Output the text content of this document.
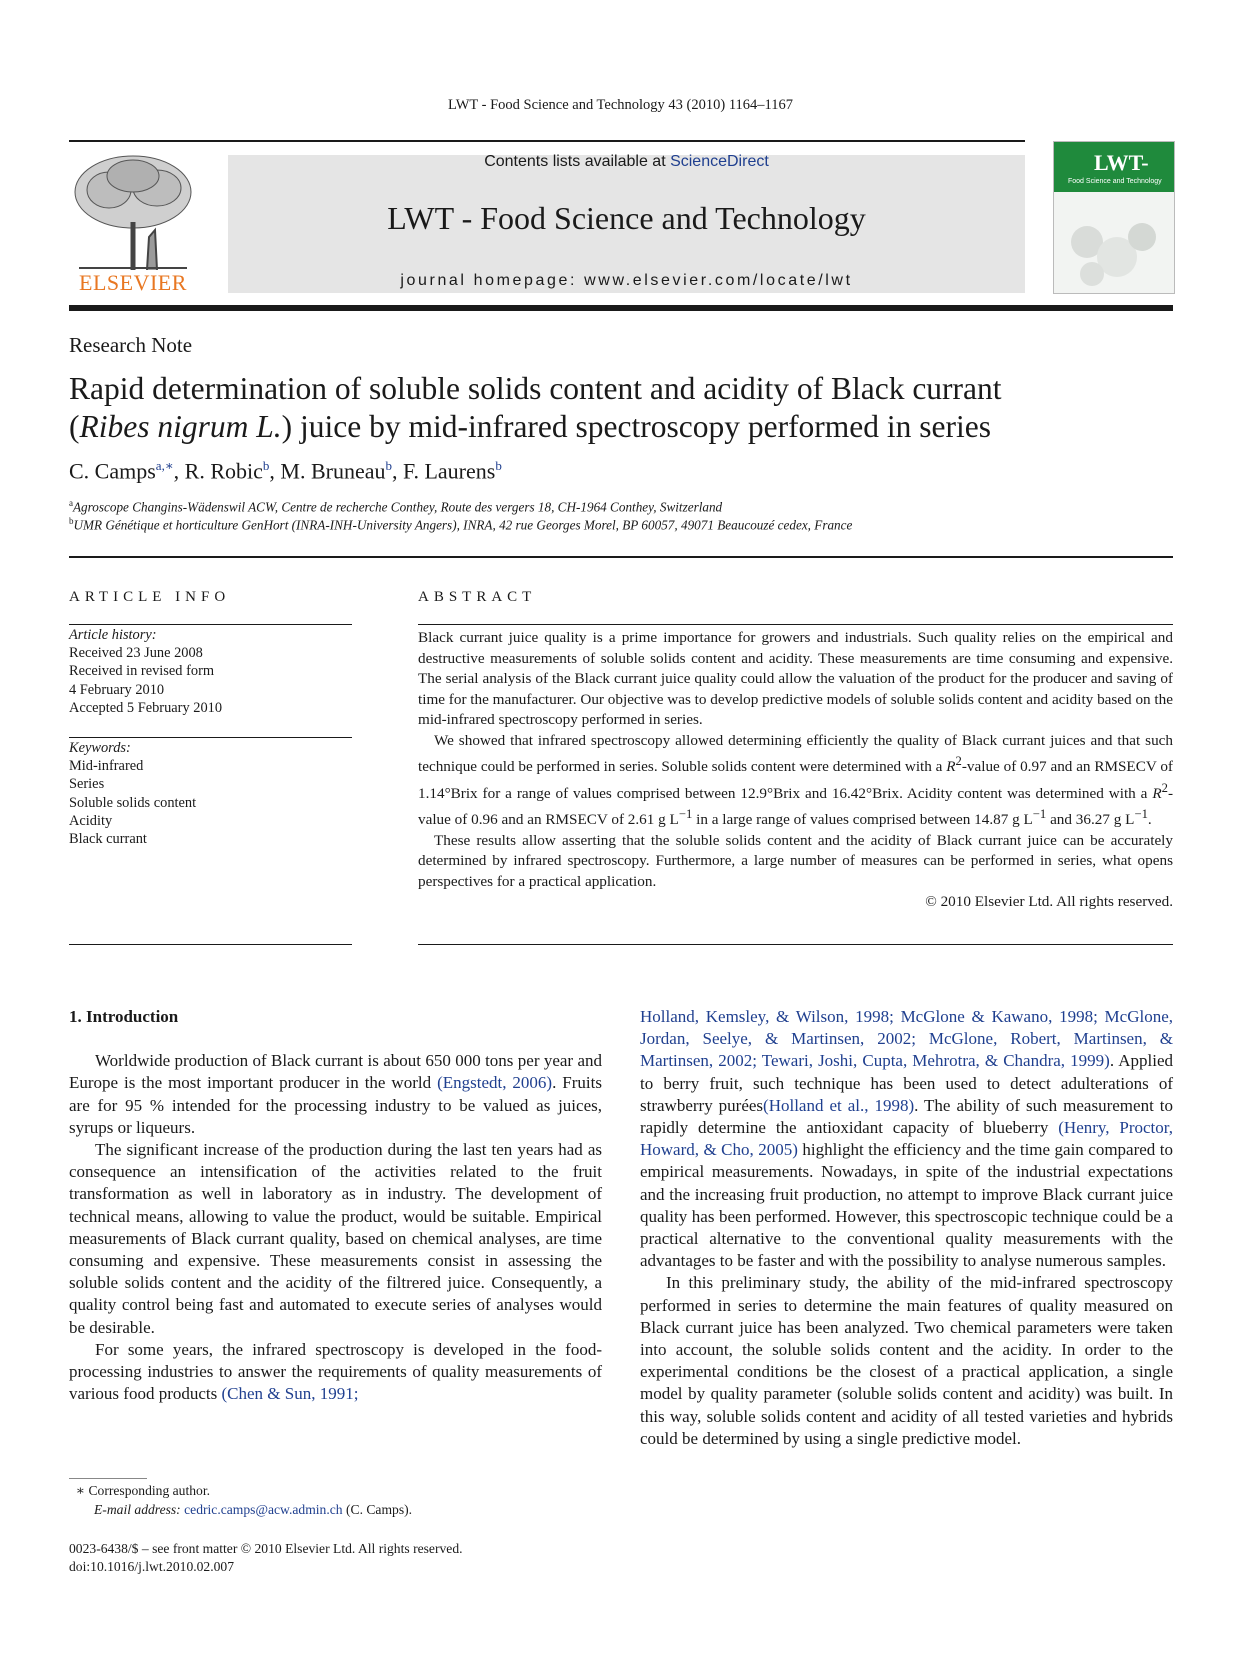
LWT - Food Science and Technology 43 (2010) 1164–1167
ELSEVIER
Contents lists available at ScienceDirect
LWT - Food Science and Technology
journal homepage: www.elsevier.com/locate/lwt
LWT-
Food Science and Technology
Research Note
Rapid determination of soluble solids content and acidity of Black currant
(Ribes nigrum L.) juice by mid-infrared spectroscopy performed in series
C. Camps$^{a,∗}$, R. Robic$^b$, M. Bruneau$^b$, F. Laurens$^b$
$^a$Agroscope Changins-Wädenswil ACW, Centre de recherche Conthey, Route des vergers 18, CH-1964 Conthey, Switzerland
$^b$UMR Génétique et horticulture GenHort (INRA-INH-University Angers), INRA, 42 rue Georges Morel, BP 60057, 49071 Beaucouzé cedex, France
ARTICLE INFO
Article history:
Received 23 June 2008
Received in revised form
4 February 2010
Accepted 5 February 2010
Keywords:
Mid-infrared
Series
Soluble solids content
Acidity
Black currant
ABSTRACT

Black currant juice quality is a prime importance for growers and industrials. Such quality relies on the empirical and destructive measurements of soluble solids content and acidity. These measurements are time consuming and expensive. The serial analysis of the Black currant juice quality could allow the valuation of the product for the producer and saving of time for the manufacturer. Our objective was to develop predictive models of soluble solids content and acidity based on the mid-infrared spectroscopy performed in series.

We showed that infrared spectroscopy allowed determining efficiently the quality of Black currant juices and that such technique could be performed in series. Soluble solids content were determined with a $R^2$-value of 0.97 and an RMSECV of 1.14°Brix for a range of values comprised between 12.9°Brix and 16.42°Brix. Acidity content was determined with a $R^2$-value of 0.96 and an RMSECV of 2.61 g $L^{-1}$ in a large range of values comprised between 14.87 g $L^{-1}$ and 36.27 g $L^{-1}$.

These results allow asserting that the soluble solids content and the acidity of Black currant juice can be accurately determined by infrared spectroscopy. Furthermore, a large number of measures can be performed in series, what opens perspectives for a practical application.

© 2010 Elsevier Ltd. All rights reserved.

1. Introduction

Worldwide production of Black currant is about 650 000 tons per year and Europe is the most important producer in the world (Engstedt, 2006). Fruits are for 95 % intended for the processing industry to be valued as juices, syrups or liqueurs.

The significant increase of the production during the last ten years had as consequence an intensification of the activities related to the fruit transformation as well in laboratory as in industry. The development of technical means, allowing to value the product, would be suitable. Empirical measurements of Black currant quality, based on chemical analyses, are time consuming and expensive. These measurements consist in assessing the soluble solids content and the acidity of the filtrered juice. Consequently, a quality control being fast and automated to execute series of analyses would be desirable.

For some years, the infrared spectroscopy is developed in the food-processing industries to answer the requirements of quality measurements of various food products (Chen & Sun, 1991;

Holland, Kemsley, & Wilson, 1998; McGlone & Kawano, 1998; McGlone, Jordan, Seelye, & Martinsen, 2002; McGlone, Robert, Martinsen, & Martinsen, 2002; Tewari, Joshi, Cupta, Mehrotra, & Chandra, 1999). Applied to berry fruit, such technique has been used to detect adulterations of strawberry purées(Holland et al., 1998). The ability of such measurement to rapidly determine the antioxidant capacity of blueberry (Henry, Proctor, Howard, & Cho, 2005) highlight the efficiency and the time gain compared to empirical measurements. Nowadays, in spite of the industrial expectations and the increasing fruit production, no attempt to improve Black currant juice quality has been performed. However, this spectroscopic technique could be a practical alternative to the conventional quality measurements with the advantages to be faster and with the possibility to analyse numerous samples.

In this preliminary study, the ability of the mid-infrared spectroscopy performed in series to determine the main features of quality measured on Black currant juice has been analyzed. Two chemical parameters were taken into account, the soluble solids content and the acidity. In order to the experimental conditions be the closest of a practical application, a single model by quality parameter (soluble solids content and acidity) was built. In this way, soluble solids content and acidity of all tested varieties and hybrids could be determined by using a single predictive model.

∗ Corresponding author.
E-mail address: cedric.camps@acw.admin.ch (C. Camps).
0023-6438/$ – see front matter © 2010 Elsevier Ltd. All rights reserved.
doi:10.1016/j.lwt.2010.02.007
